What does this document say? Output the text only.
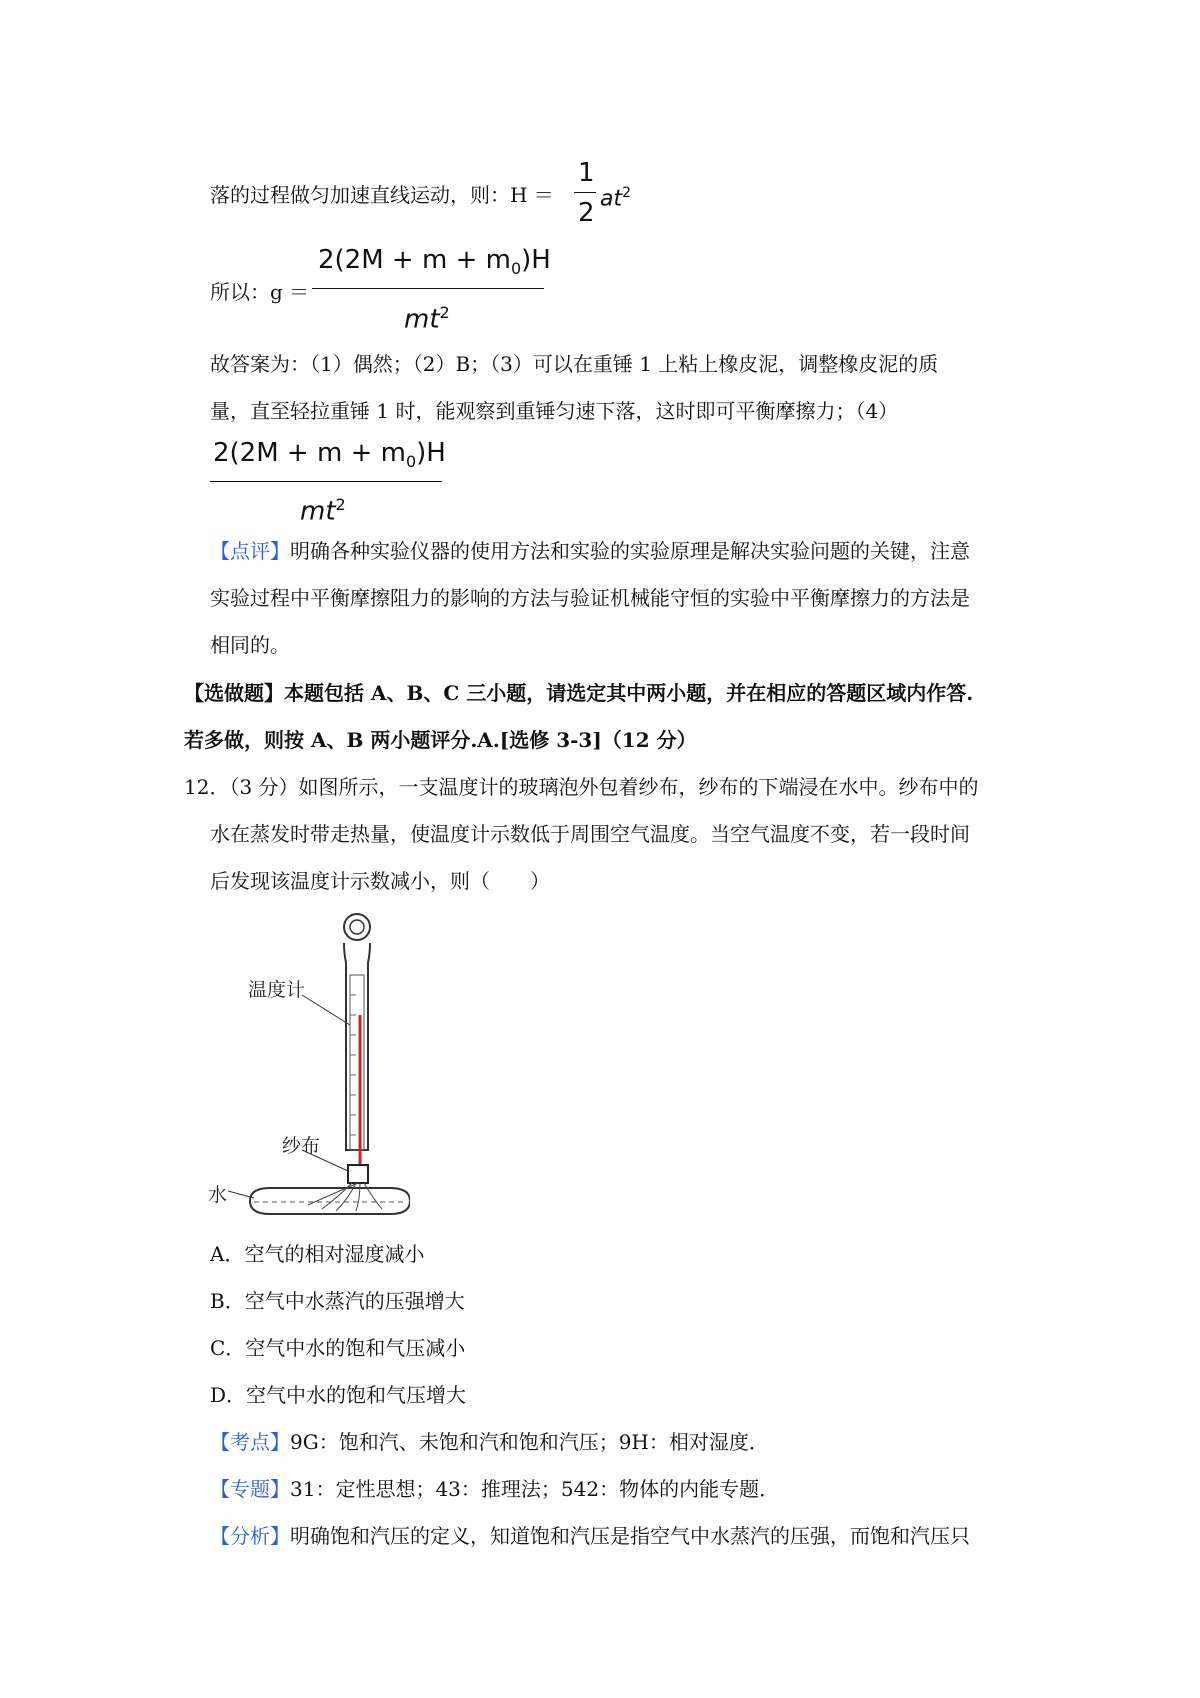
落的过程做匀加速直线运动，则：H ＝
1
2 $at^2$
所以：g ＝
$2(2M + m + m_0)H$
$mt^2$
故答案为：（1）偶然；（2）B；（3）可以在重锤 1 上粘上橡皮泥，调整橡皮泥的质
量，直至轻拉重锤 1 时，能观察到重锤匀速下落，这时即可平衡摩擦力；（4）
$2(2M + m + m_0)H$
$mt^2$
【点评】明确各种实验仪器的使用方法和实验的实验原理是解决实验问题的关键，注意
实验过程中平衡摩擦阻力的影响的方法与验证机械能守恒的实验中平衡摩擦力的方法是
相同的。
【选做题】本题包括 A、B、C 三小题，请选定其中两小题，并在相应的答题区域内作答.
若多做，则按 A、B 两小题评分.A.[选修 3-3]（12 分）
12．（3 分）如图所示，一支温度计的玻璃泡外包着纱布，纱布的下端浸在水中。纱布中的
水在蒸发时带走热量，使温度计示数低于周围空气温度。当空气温度不变，若一段时间
后发现该温度计示数减小，则（　　）
温度计
纱布
水
A．空气的相对湿度减小
B．空气中水蒸汽的压强增大
C．空气中水的饱和气压减小
D．空气中水的饱和气压增大
【考点】9G：饱和汽、未饱和汽和饱和汽压；9H：相对湿度．
【专题】31：定性思想；43：推理法；542：物体的内能专题．
【分析】明确饱和汽压的定义，知道饱和汽压是指空气中水蒸汽的压强，而饱和汽压只
